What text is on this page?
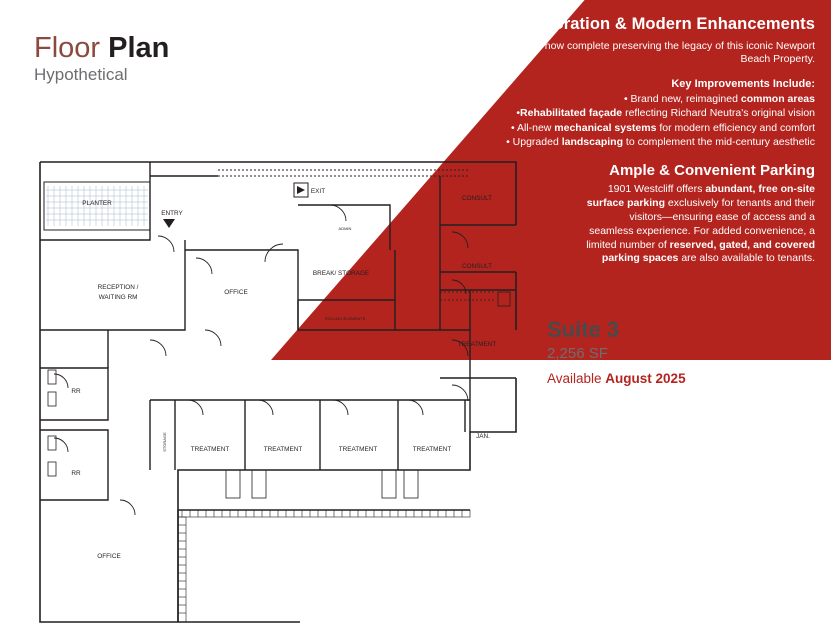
Thoughtful Restoration & Modern Enhancements
Major project improvements now complete preserving the legacy of this iconic Newport Beach Property.
Key Improvements Include:
• Brand new, reimagined common areas
•Rehabilitated façade reflecting Richard Neutra's original vision
• All-new mechanical systems for modern efficiency and comfort
• Upgraded landscaping to complement the mid-century aesthetic
Ample & Convenient Parking
1901 Westcliff offers abundant, free on-site surface parking exclusively for tenants and their visitors—ensuring ease of access and a seamless experience. For added convenience, a limited number of reserved, gated, and covered parking spaces are also available to tenants.
Floor Plan
Hypothetical
Suite 3
2,256 SF
Available August 2025
PLANTER
ENTRY
EXIT
CONSULT
CONSULT
ADMIN
BREAK/ STORAGE
RECEPTION /
WAITING RM
OFFICE
ROLLING ELEMENTS
TREATMENT
RR
RR
TREATMENT	TREATMENT	TREATMENT	TREATMENT
JAN.
STORAGE
OFFICE
